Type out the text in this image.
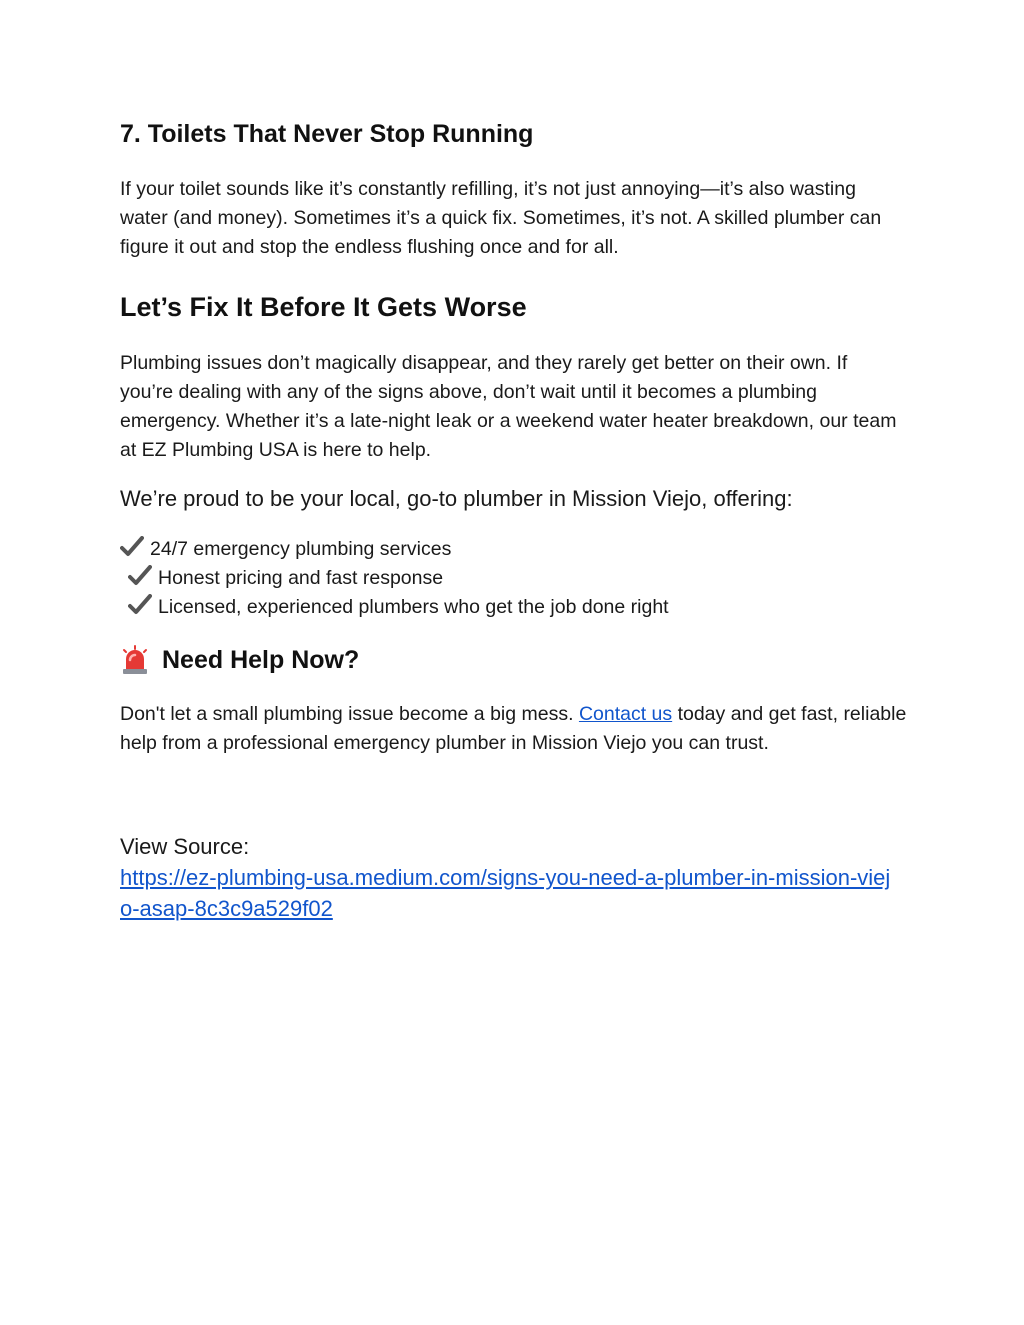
7. Toilets That Never Stop Running

If your toilet sounds like it’s constantly refilling, it’s not just annoying—it’s also wasting water (and money). Sometimes it’s a quick fix. Sometimes, it’s not. A skilled plumber can figure it out and stop the endless flushing once and for all.

Let’s Fix It Before It Gets Worse

Plumbing issues don’t magically disappear, and they rarely get better on their own. If you’re dealing with any of the signs above, don’t wait until it becomes a plumbing emergency. Whether it’s a late-night leak or a weekend water heater breakdown, our team at EZ Plumbing USA is here to help.

We’re proud to be your local, go-to plumber in Mission Viejo, offering:

24/7 emergency plumbing services
Honest pricing and fast response
Licensed, experienced plumbers who get the job done right
Need Help Now?

Don't let a small plumbing issue become a big mess. Contact us today and get fast, reliable help from a professional emergency plumber in Mission Viejo you can trust.

View Source:
https://ez-plumbing-usa.medium.com/signs-you-need-a-plumber-in-mission-viejo-asap-8c3c9a529f02
